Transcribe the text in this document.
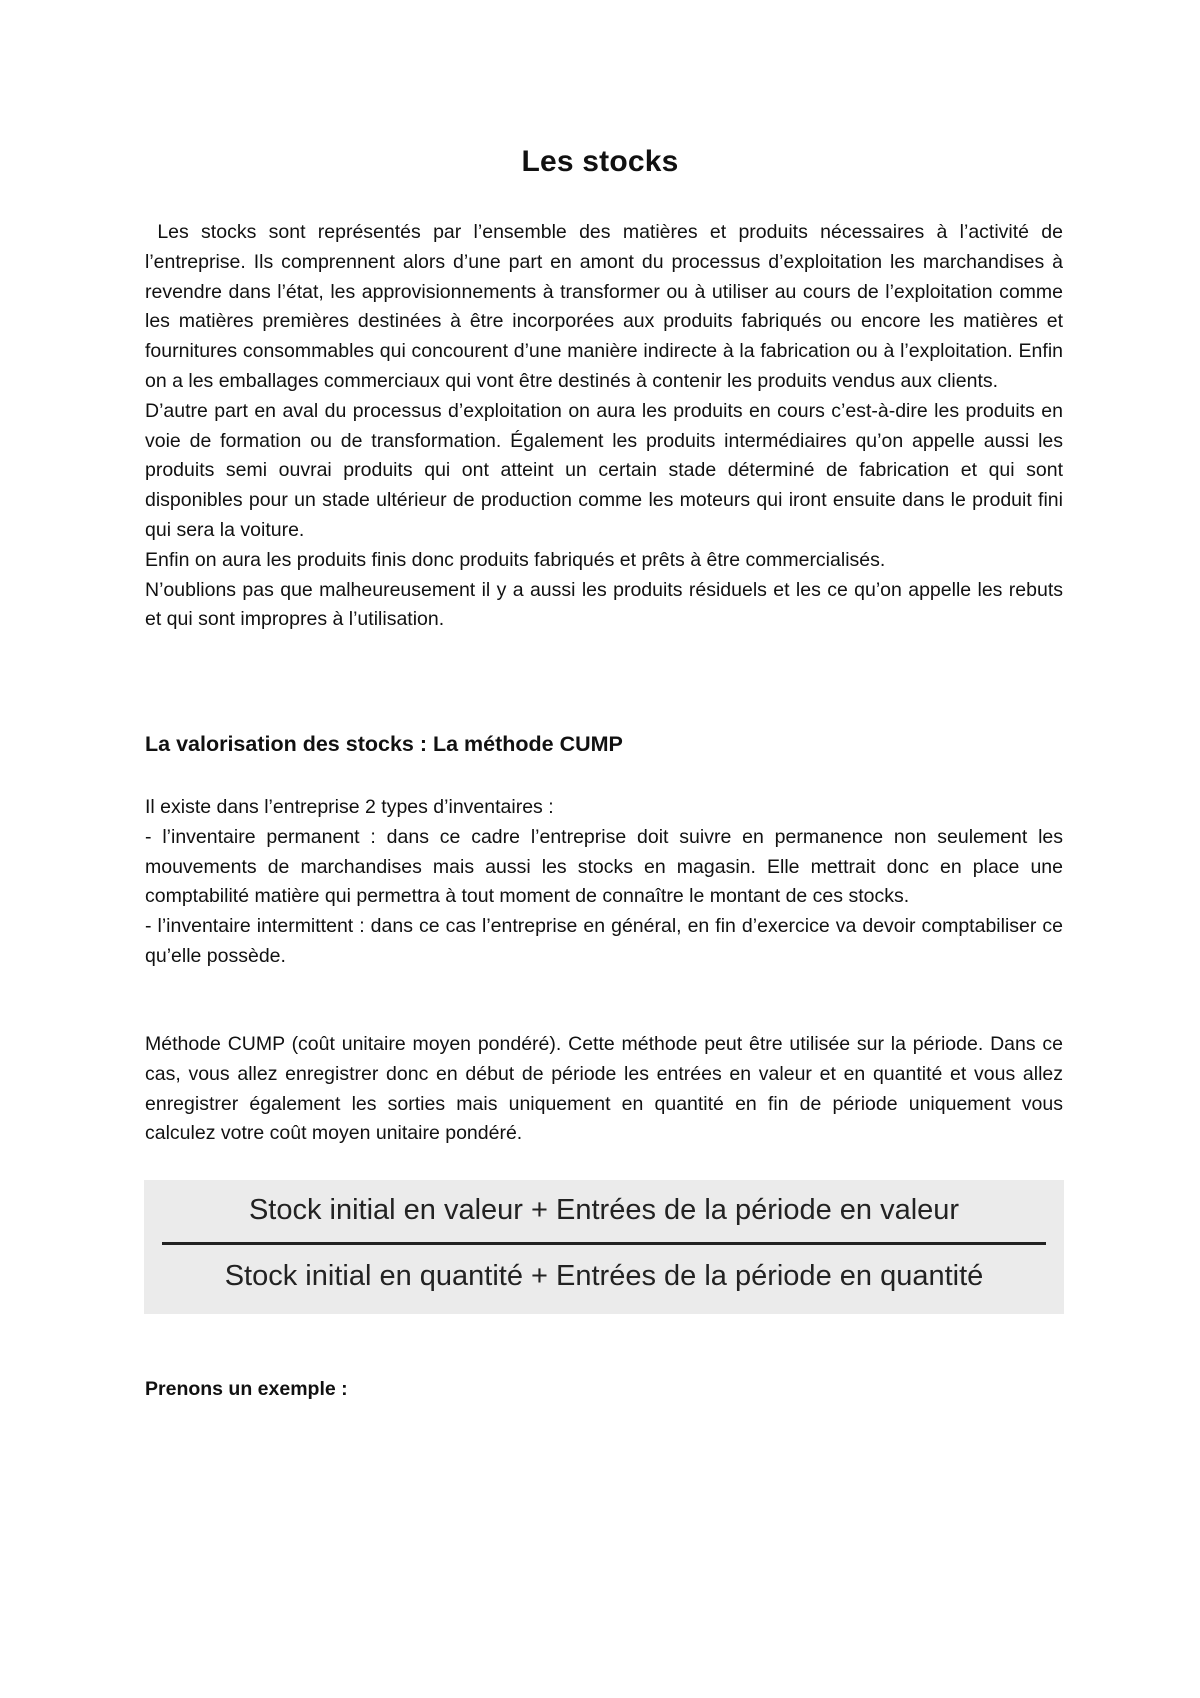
Les stocks

Les stocks sont représentés par l’ensemble des matières et produits nécessaires à l’activité de l’entreprise. Ils comprennent alors d’une part en amont du processus d’exploitation les marchandises à revendre dans l’état, les approvisionnements à transformer ou à utiliser au cours de l’exploitation comme les matières premières destinées à être incorporées aux produits fabriqués ou encore les matières et fournitures consommables qui concourent d’une manière indirecte à la fabrication ou à l’exploitation. Enfin on a les emballages commerciaux qui vont être destinés à contenir les produits vendus aux clients.

D’autre part en aval du processus d’exploitation on aura les produits en cours c’est-à-dire les produits en voie de formation ou de transformation. Également les produits intermédiaires qu’on appelle aussi les produits semi ouvrai produits qui ont atteint un certain stade déterminé de fabrication et qui sont disponibles pour un stade ultérieur de production comme les moteurs qui iront ensuite dans le produit fini qui sera la voiture.

Enfin on aura les produits finis donc produits fabriqués et prêts à être commercialisés.

N’oublions pas que malheureusement il y a aussi les produits résiduels et les ce qu’on appelle les rebuts et qui sont impropres à l’utilisation.

La valorisation des stocks : La méthode CUMP

Il existe dans l’entreprise 2 types d’inventaires :

- l’inventaire permanent : dans ce cadre l’entreprise doit suivre en permanence non seulement les mouvements de marchandises mais aussi les stocks en magasin. Elle mettrait donc en place une comptabilité matière qui permettra à tout moment de connaître le montant de ces stocks.

- l’inventaire intermittent : dans ce cas l’entreprise en général, en fin d’exercice va devoir comptabiliser ce qu’elle possède.

Méthode CUMP (coût unitaire moyen pondéré). Cette méthode peut être utilisée sur la période. Dans ce cas, vous allez enregistrer donc en début de période les entrées en valeur et en quantité et vous allez enregistrer également les sorties mais uniquement en quantité en fin de période uniquement vous calculez votre coût moyen unitaire pondéré.

Stock initial en valeur + Entrées de la période en valeur
Stock initial en quantité + Entrées de la période en quantité

Prenons un exemple :
